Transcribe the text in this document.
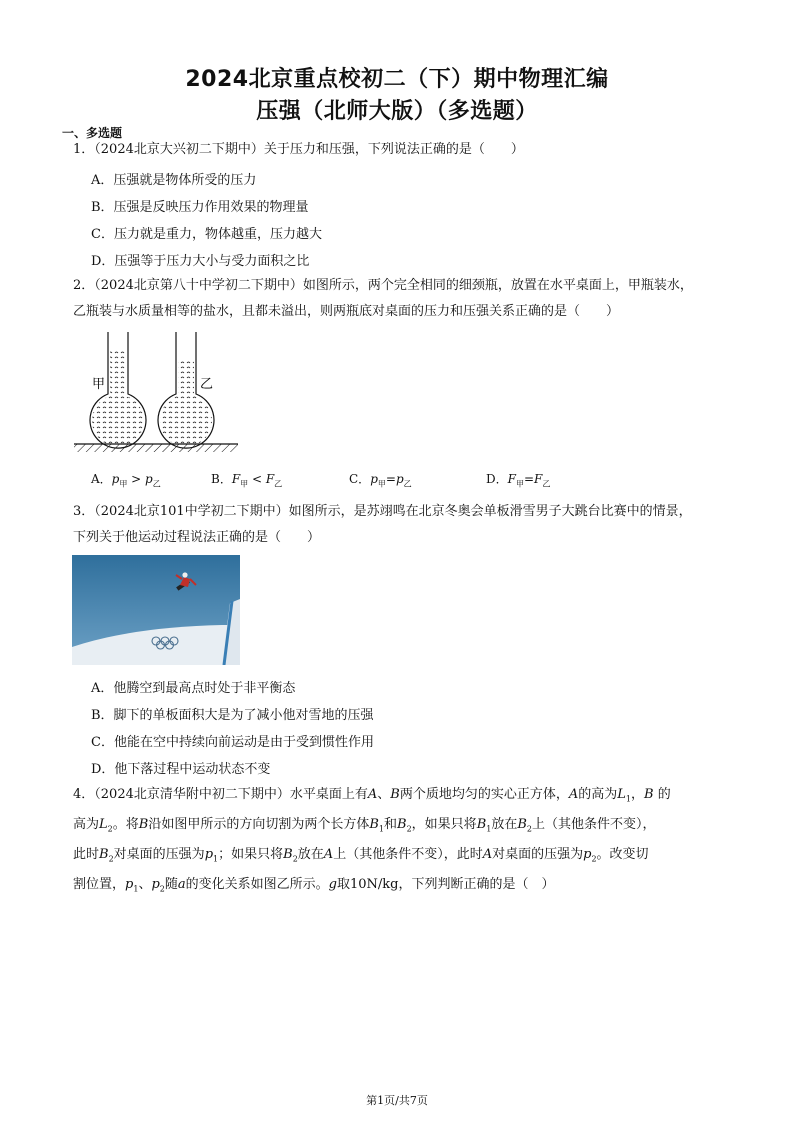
2024北京重点校初二（下）期中物理汇编
压强（北师大版）（多选题）
一、多选题
1．（2024北京大兴初二下期中）关于压力和压强，下列说法正确的是（　　）
A．压强就是物体所受的压力
B．压强是反映压力作用效果的物理量
C．压力就是重力，物体越重，压力越大
D．压强等于压力大小与受力面积之比
2．（2024北京第八十中学初二下期中）如图所示，两个完全相同的细颈瓶，放置在水平桌面上，甲瓶装水，
乙瓶装与水质量相等的盐水，且都未溢出，则两瓶底对桌面的压力和压强关系正确的是（　　）
甲	乙
A．$p_甲 > p_乙$	B．$F_甲 < F_乙$	C．$p_甲=p_乙$	D．$F_甲=F_乙$
3．（2024北京101中学初二下期中）如图所示，是苏翊鸣在北京冬奥会单板滑雪男子大跳台比赛中的情景，
下列关于他运动过程说法正确的是（　　）
A．他腾空到最高点时处于非平衡态
B．脚下的单板面积大是为了减小他对雪地的压强
C．他能在空中持续向前运动是由于受到惯性作用
D．他下落过程中运动状态不变
4．（2024北京清华附中初二下期中）水平桌面上有A、B两个质地均匀的实心正方体，A的高为$L_1$，B 的
高为$L_2$。将B沿如图甲所示的方向切割为两个长方体$B_1$和$B_2$，如果只将$B_1$放在$B_2$上（其他条件不变），
此时$B_2$对桌面的压强为$p_1$；如果只将$B_2$放在A上（其他条件不变），此时A对桌面的压强为$p_2$。改变切
割位置，$p_1$、$p_2$随a的变化关系如图乙所示。g取10N/kg，下列判断正确的是（　）
第1页/共7页
